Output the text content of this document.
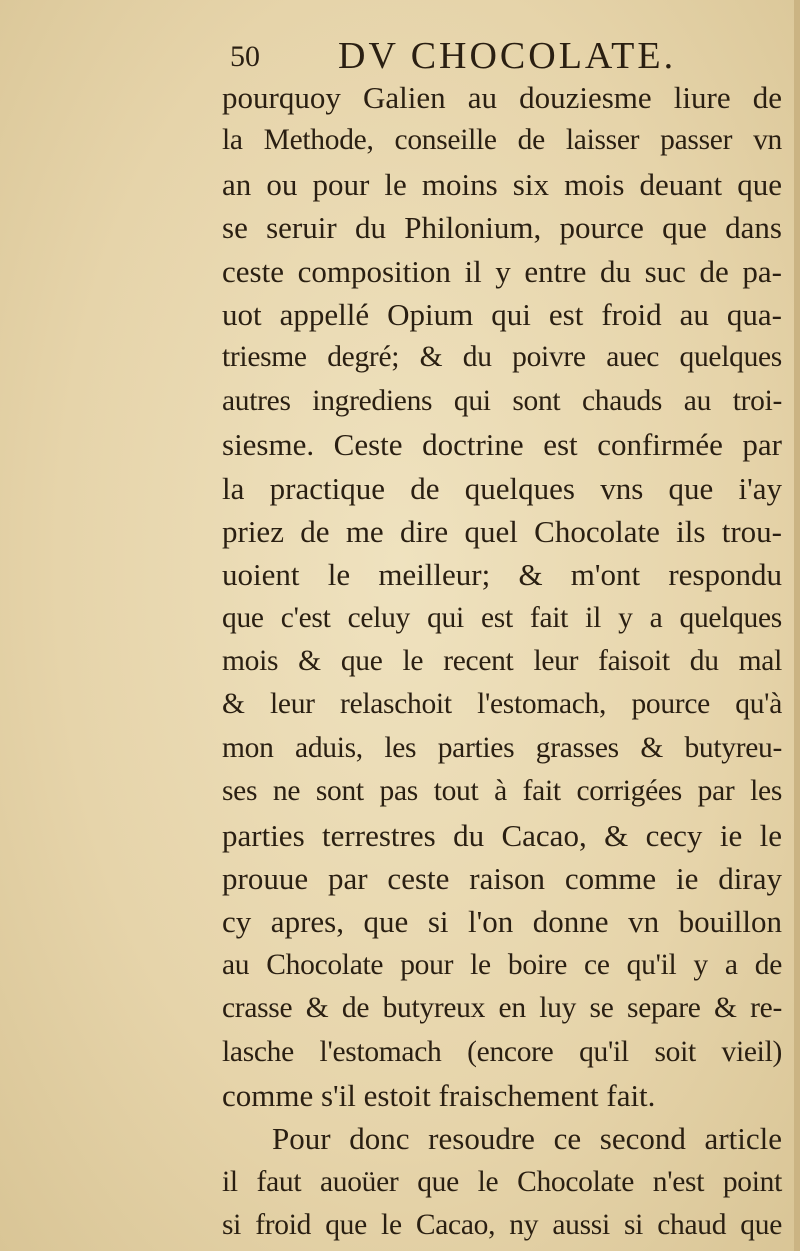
50 DV CHOCOLATE.
pourquoy Galien au douziesme liure de
la Methode, conseille de laisser passer vn
an ou pour le moins six mois deuant que
se seruir du Philonium, pource que dans
ceste composition il y entre du suc de pa-
uot appellé Opium qui est froid au qua-
triesme degré; & du poivre auec quelques
autres ingrediens qui sont chauds au troi-
siesme. Ceste doctrine est confirmée par
la practique de quelques vns que i'ay
priez de me dire quel Chocolate ils trou-
uoient le meilleur; & m'ont respondu
que c'est celuy qui est fait il y a quelques
mois & que le recent leur faisoit du mal
& leur relaschoit l'estomach, pource qu'à
mon aduis, les parties grasses & butyreu-
ses ne sont pas tout à fait corrigées par les
parties terrestres du Cacao, & cecy ie le
prouue par ceste raison comme ie diray
cy apres, que si l'on donne vn bouillon
au Chocolate pour le boire ce qu'il y a de
crasse & de butyreux en luy se separe & re-
lasche l'estomach (encore qu'il soit vieil)
comme s'il estoit fraischement fait.
Pour donc resoudre ce second article
il faut auoüer que le Chocolate n'est point
si froid que le Cacao, ny aussi si chaud que
